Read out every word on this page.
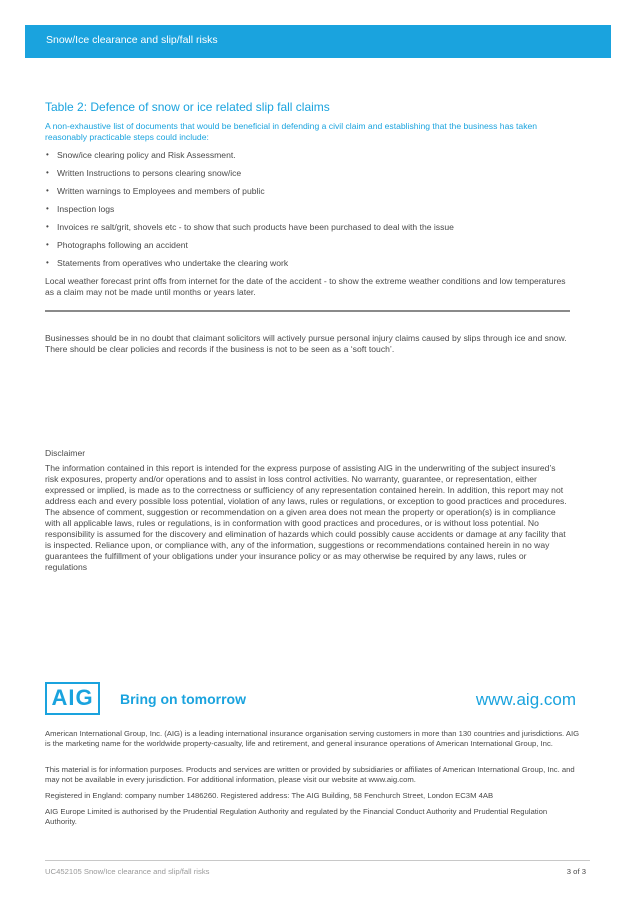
Snow/Ice clearance and slip/fall risks
Table 2: Defence of snow or ice related slip fall claims
A non-exhaustive list of documents that would be beneficial in defending a civil claim and establishing that the business has taken reasonably practicable steps could include:
• Snow/ice clearing policy and Risk Assessment.
• Written Instructions to persons clearing snow/ice
• Written warnings to Employees and members of public
• Inspection logs
• Invoices re salt/grit, shovels etc - to show that such products have been purchased to deal with the issue
• Photographs following an accident
• Statements from operatives who undertake the clearing work
Local weather forecast print offs from internet for the date of the accident - to show the extreme weather conditions and low temperatures as a claim may not be made until months or years later.
Businesses should be in no doubt that claimant solicitors will actively pursue personal injury claims caused by slips through ice and snow. There should be clear policies and records if the business is not to be seen as a ‘soft touch’.
Disclaimer
The information contained in this report is intended for the express purpose of assisting AIG in the underwriting of the subject insured’s risk exposures, property and/or operations and to assist in loss control activities. No warranty, guarantee, or representation, either expressed or implied, is made as to the correctness or sufficiency of any representation contained herein. In addition, this report may not address each and every possible loss potential, violation of any laws, rules or regulations, or exception to good practices and procedures. The absence of comment, suggestion or recommendation on a given area does not mean the property or operation(s) is in compliance with all applicable laws, rules or regulations, is in conformation with good practices and procedures, or is without loss potential. No responsibility is assumed for the discovery and elimination of hazards which could possibly cause accidents or damage at any facility that is inspected. Reliance upon, or compliance with, any of the information, suggestions or recommendations contained herein in no way guarantees the fulfillment of your obligations under your insurance policy or as may otherwise be required by any laws, rules or regulations
AIG	Bring on tomorrow	www.aig.com
American International Group, Inc. (AIG) is a leading international insurance organisation serving customers in more than 130 countries and jurisdictions. AIG is the marketing name for the worldwide property-casualty, life and retirement, and general insurance operations of American International Group, Inc.
This material is for information purposes. Products and services are written or provided by subsidiaries or affiliates of American International Group, Inc. and may not be available in every jurisdiction. For additional information, please visit our website at www.aig.com.
Registered in England: company number 1486260. Registered address: The AIG Building, 58 Fenchurch Street, London EC3M 4AB
AIG Europe Limited is authorised by the Prudential Regulation Authority and regulated by the Financial Conduct Authority and Prudential Regulation Authority.
UC452105 Snow/Ice clearance and slip/fall risks	3 of 3
